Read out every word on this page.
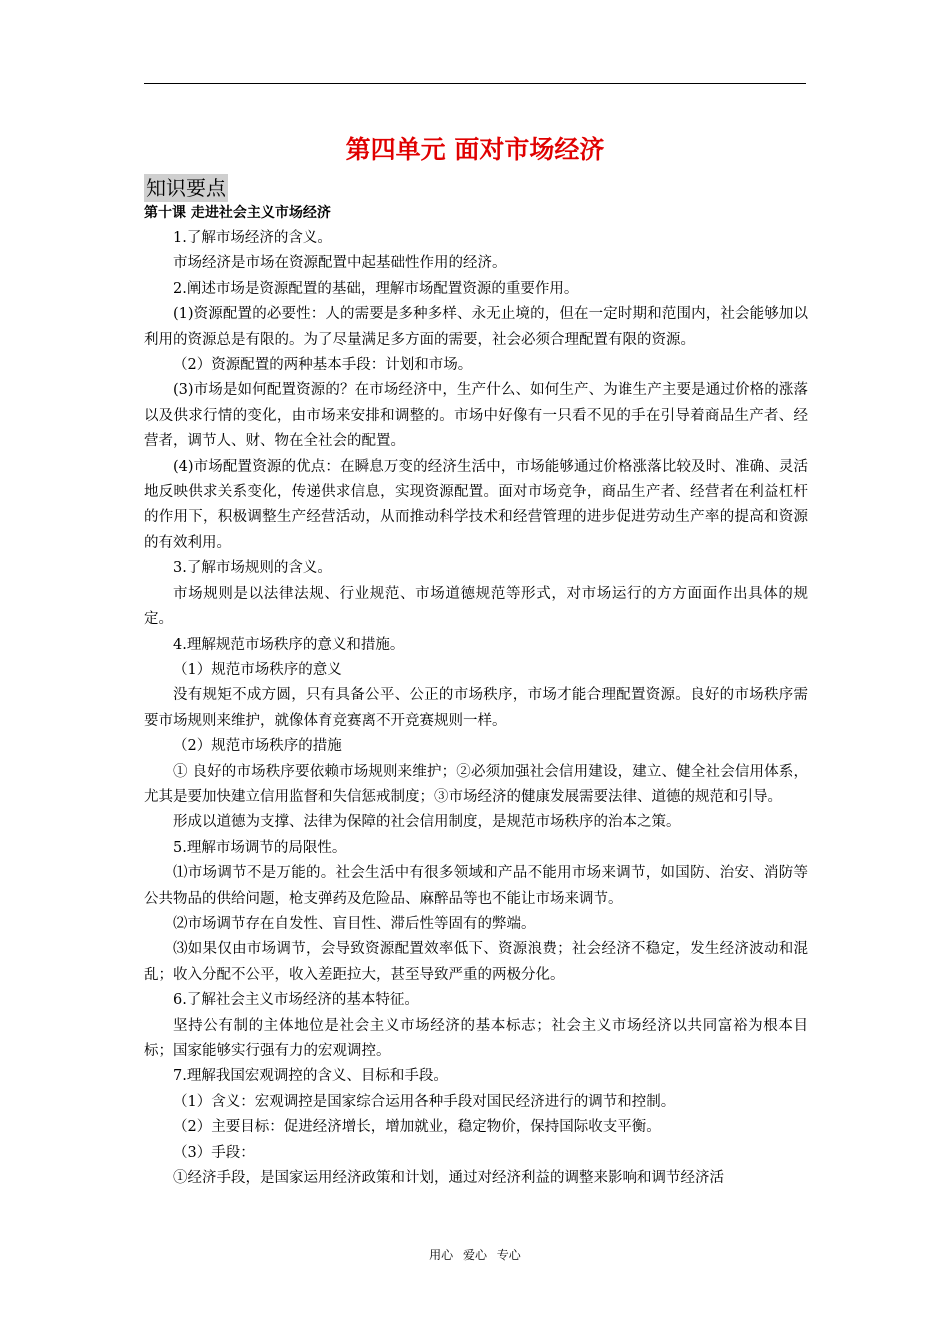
第四单元 面对市场经济
知识要点
第十课 走进社会主义市场经济

1.了解市场经济的含义。

市场经济是市场在资源配置中起基础性作用的经济。

2.阐述市场是资源配置的基础，理解市场配置资源的重要作用。

(1)资源配置的必要性：人的需要是多种多样、永无止境的，但在一定时期和范围内，社会能够加以利用的资源总是有限的。为了尽量满足多方面的需要，社会必须合理配置有限的资源。

（2）资源配置的两种基本手段：计划和市场。

(3)市场是如何配置资源的？在市场经济中，生产什么、如何生产、为谁生产主要是通过价格的涨落以及供求行情的变化，由市场来安排和调整的。市场中好像有一只看不见的手在引导着商品生产者、经营者，调节人、财、物在全社会的配置。

(4)市场配置资源的优点：在瞬息万变的经济生活中，市场能够通过价格涨落比较及时、准确、灵活地反映供求关系变化，传递供求信息，实现资源配置。面对市场竞争，商品生产者、经营者在利益杠杆的作用下，积极调整生产经营活动，从而推动科学技术和经营管理的进步促进劳动生产率的提高和资源的有效利用。

3.了解市场规则的含义。

市场规则是以法律法规、行业规范、市场道德规范等形式，对市场运行的方方面面作出具体的规定。

4.理解规范市场秩序的意义和措施。

（1）规范市场秩序的意义

没有规矩不成方圆，只有具备公平、公正的市场秩序，市场才能合理配置资源。良好的市场秩序需要市场规则来维护，就像体育竞赛离不开竞赛规则一样。

（2）规范市场秩序的措施

① 良好的市场秩序要依赖市场规则来维护；②必须加强社会信用建设，建立、健全社会信用体系，尤其是要加快建立信用监督和失信惩戒制度；③市场经济的健康发展需要法律、道德的规范和引导。

形成以道德为支撑、法律为保障的社会信用制度，是规范市场秩序的治本之策。

5.理解市场调节的局限性。

⑴市场调节不是万能的。社会生活中有很多领域和产品不能用市场来调节，如国防、治安、消防等公共物品的供给问题，枪支弹药及危险品、麻醉品等也不能让市场来调节。

⑵市场调节存在自发性、盲目性、滞后性等固有的弊端。

⑶如果仅由市场调节，会导致资源配置效率低下、资源浪费；社会经济不稳定，发生经济波动和混乱；收入分配不公平，收入差距拉大，甚至导致严重的两极分化。

6.了解社会主义市场经济的基本特征。

坚持公有制的主体地位是社会主义市场经济的基本标志；社会主义市场经济以共同富裕为根本目标；国家能够实行强有力的宏观调控。

7.理解我国宏观调控的含义、目标和手段。

（1）含义：宏观调控是国家综合运用各种手段对国民经济进行的调节和控制。

（2）主要目标：促进经济增长，增加就业，稳定物价，保持国际收支平衡。

（3）手段：

①经济手段，是国家运用经济政策和计划，通过对经济利益的调整来影响和调节经济活

用心 爱心 专心
